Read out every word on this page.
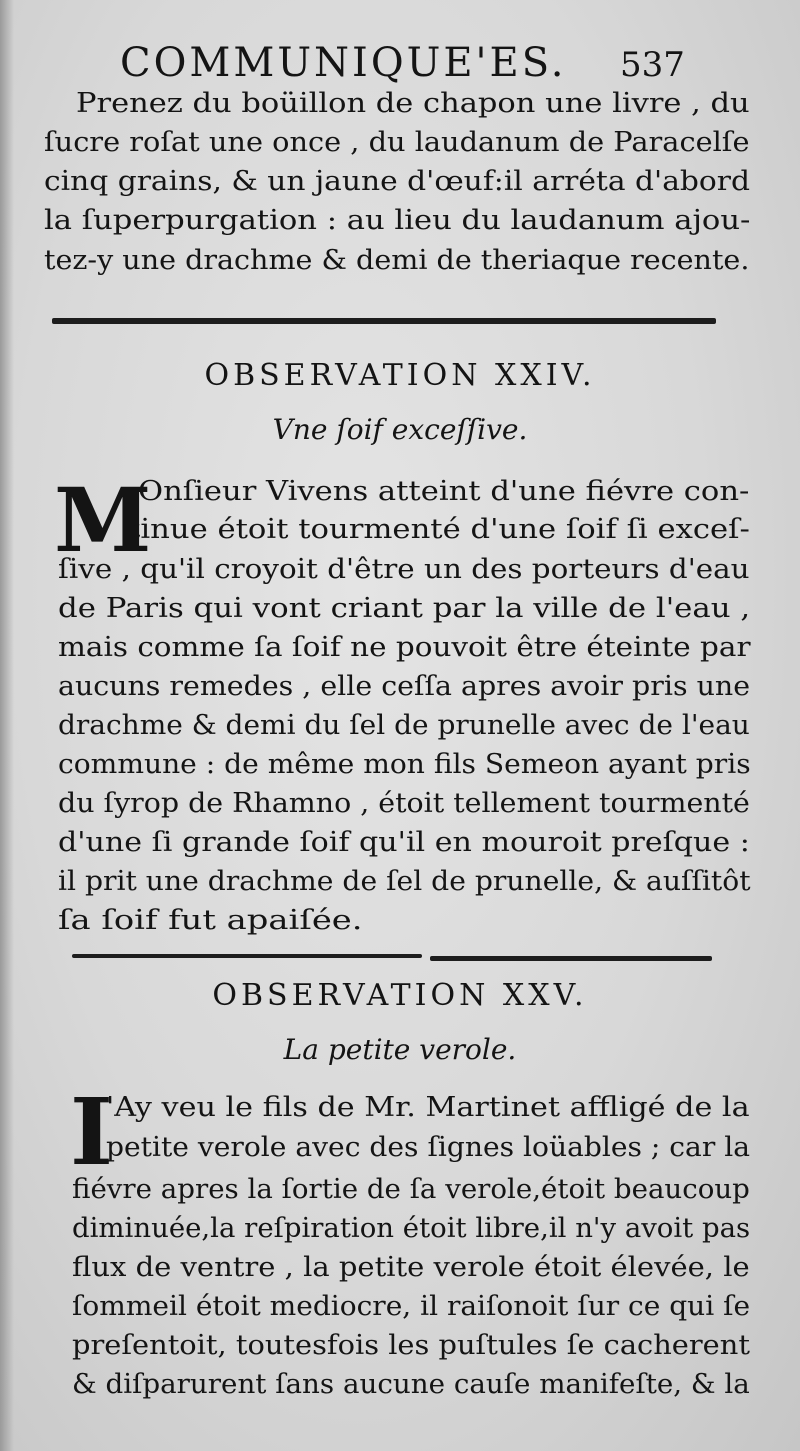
COMMUNIQUE'ES. 537
Prenez du boüillon de chapon une livre , du
ſucre roſat une once , du laudanum de Paracelſe
cinq grains, & un jaune d'œuf:il arréta d'abord
la ſuperpurgation : au lieu du laudanum ajou-
tez-y une drachme & demi de theriaque recente.
OBSERVATION XXIV.
Vne ſoif exceſſive.
M
Onſieur Vivens atteint d'une fiévre con-
tinue étoit tourmenté d'une ſoif ſi exceſ-
ſive , qu'il croyoit d'être un des porteurs d'eau
de Paris qui vont criant par la ville de l'eau ,
mais comme ſa ſoif ne pouvoit être éteinte par
aucuns remedes , elle ceſſa apres avoir pris une
drachme & demi du ſel de prunelle avec de l'eau
commune : de même mon fils Semeon ayant pris
du ſyrop de Rhamno , étoit tellement tourmenté
d'une ſi grande ſoif qu'il en mouroit preſque :
il prit une drachme de ſel de prunelle, & auſſitôt
ſa ſoif fut apaiſée.
OBSERVATION XXV.
La petite verole.
I
'Ay veu le fils de Mr. Martinet affligé de la
petite verole avec des ſignes loüables ; car la
fiévre apres la ſortie de ſa verole,étoit beaucoup
diminuée,la reſpiration étoit libre,il n'y avoit pas
flux de ventre , la petite verole étoit élevée, le
ſommeil étoit mediocre, il raiſonoit ſur ce qui ſe
preſentoit, toutesfois les puſtules ſe cacherent
& diſparurent ſans aucune cauſe manifeſte, & la
